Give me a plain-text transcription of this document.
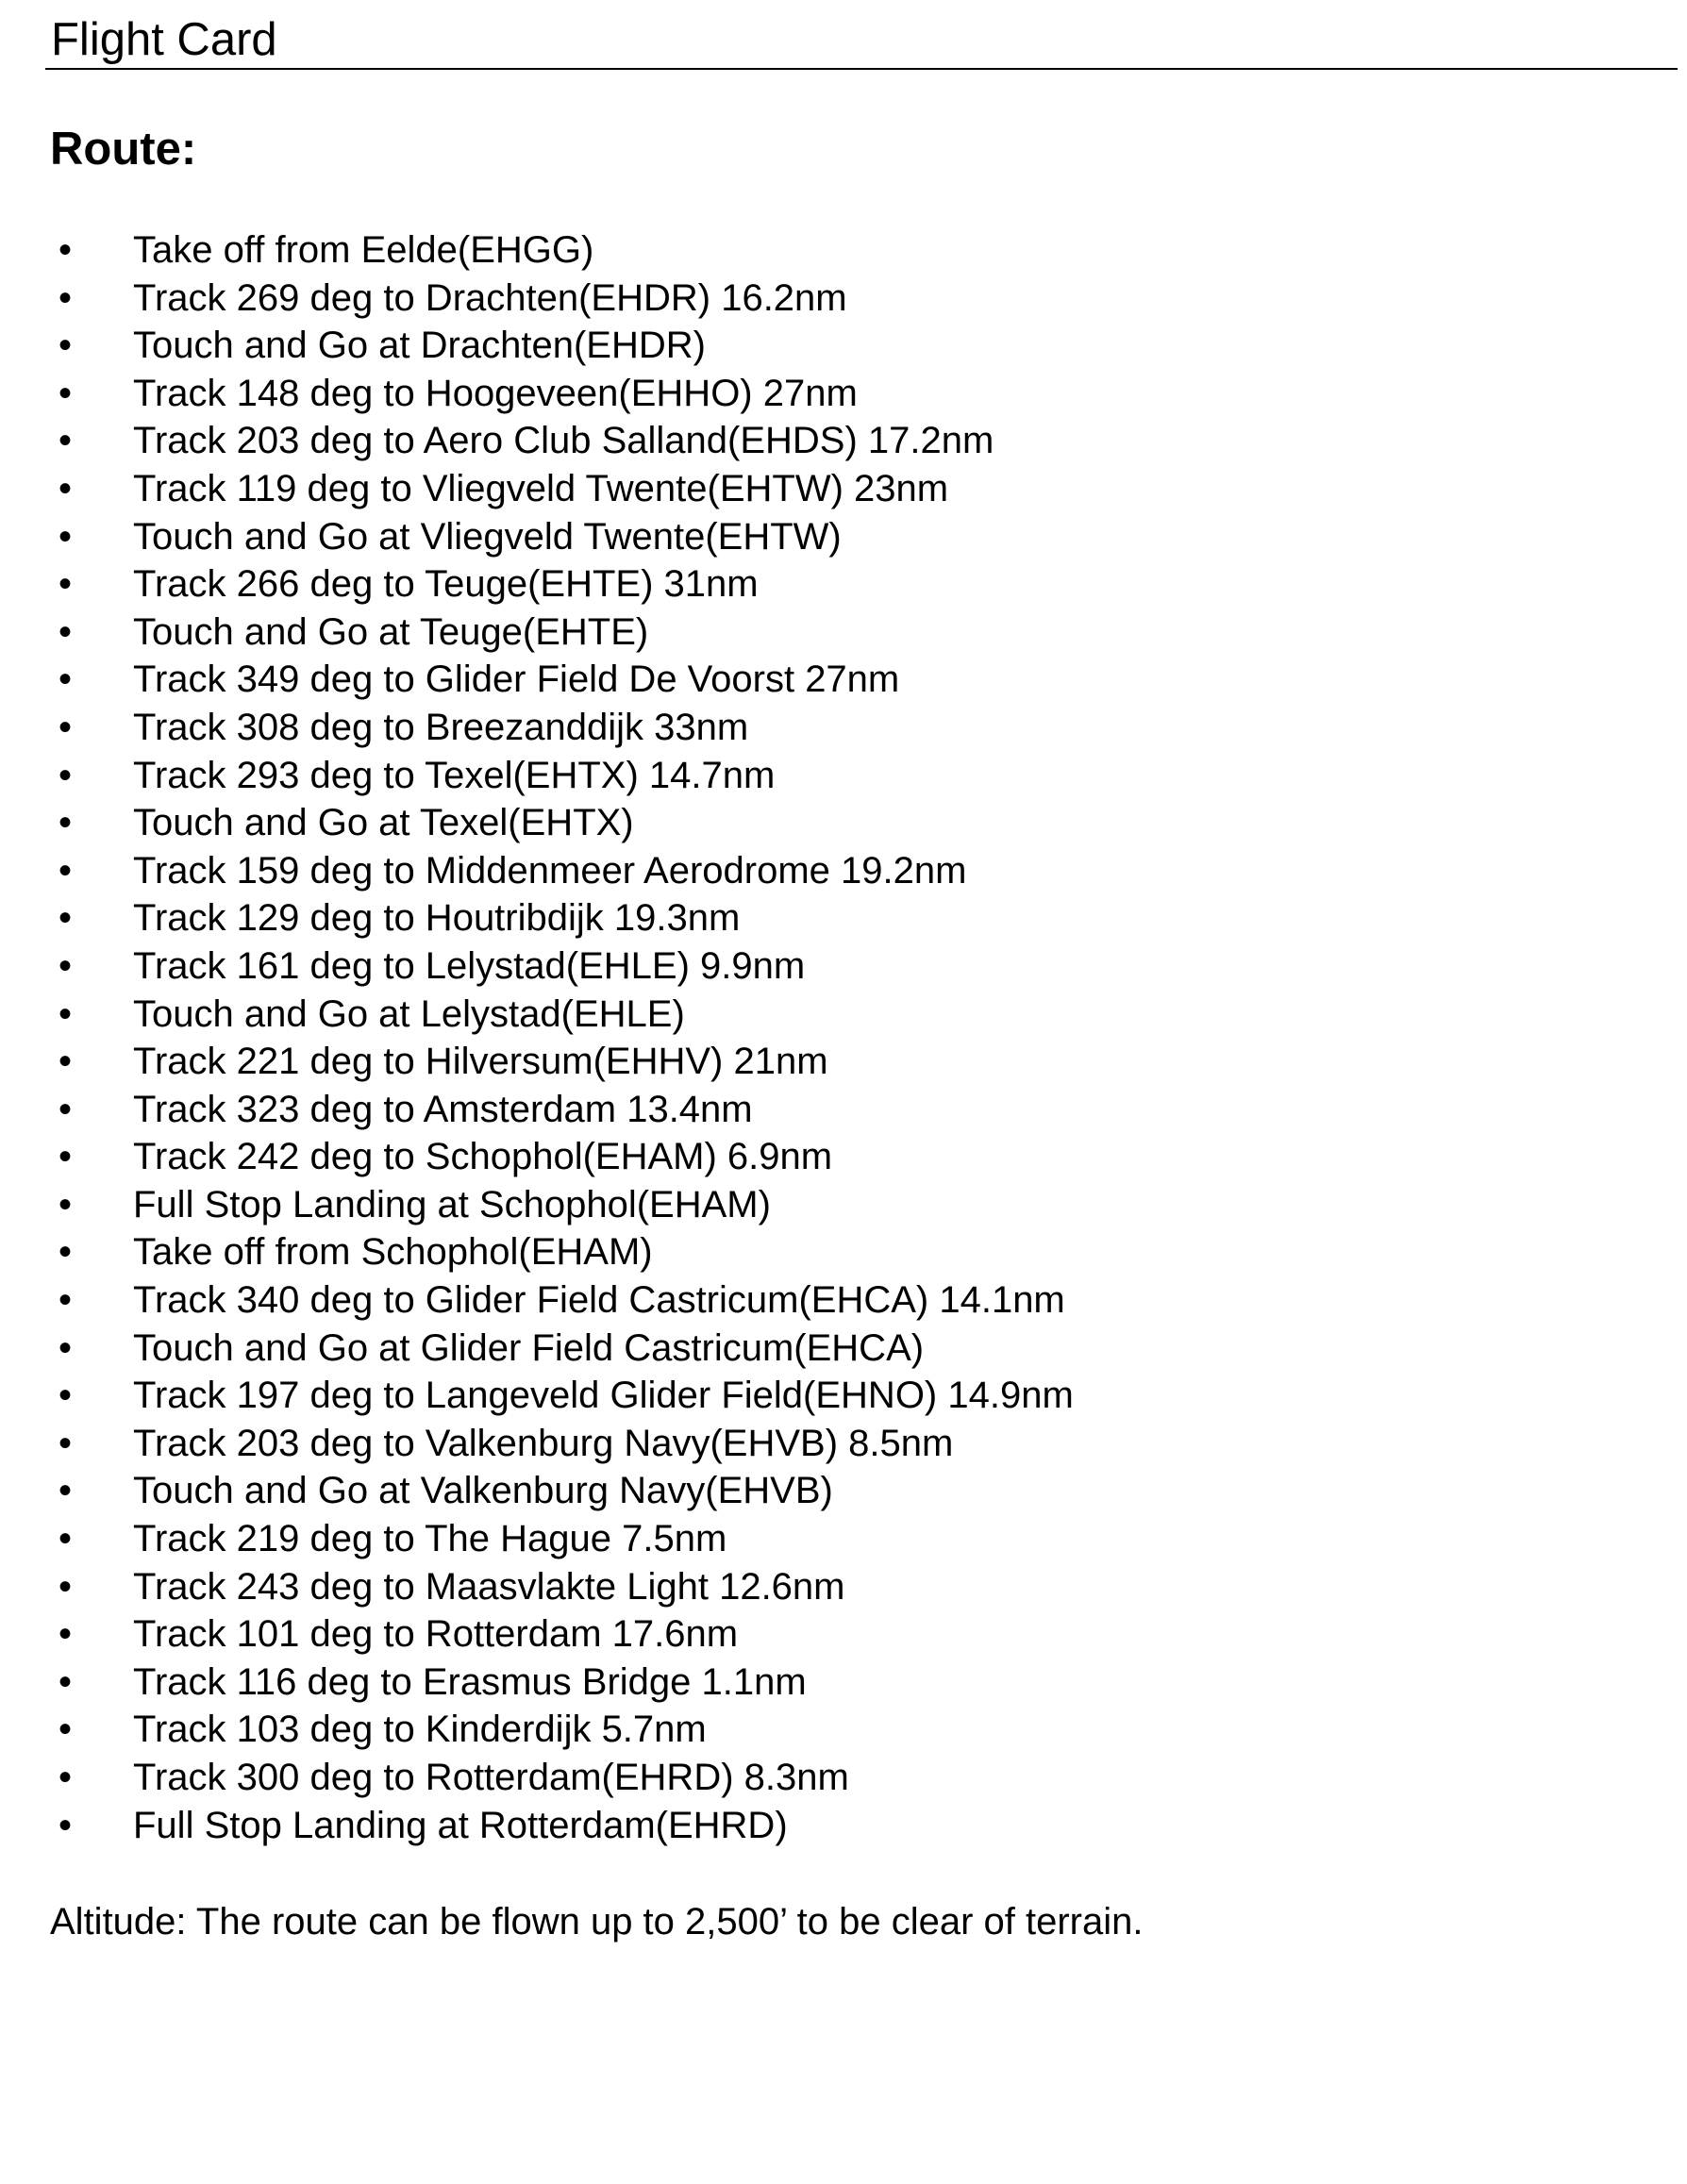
Flight Card
Route:
• Take off from Eelde(EHGG)
• Track 269 deg to Drachten(EHDR) 16.2nm
• Touch and Go at Drachten(EHDR)
• Track 148 deg to Hoogeveen(EHHO) 27nm
• Track 203 deg to Aero Club Salland(EHDS) 17.2nm
• Track 119 deg to Vliegveld Twente(EHTW) 23nm
• Touch and Go at Vliegveld Twente(EHTW)
• Track 266 deg to Teuge(EHTE) 31nm
• Touch and Go at Teuge(EHTE)
• Track 349 deg to Glider Field De Voorst 27nm
• Track 308 deg to Breezanddijk 33nm
• Track 293 deg to Texel(EHTX) 14.7nm
• Touch and Go at Texel(EHTX)
• Track 159 deg to Middenmeer Aerodrome 19.2nm
• Track 129 deg to Houtribdijk 19.3nm
• Track 161 deg to Lelystad(EHLE) 9.9nm
• Touch and Go at Lelystad(EHLE)
• Track 221 deg to Hilversum(EHHV) 21nm
• Track 323 deg to Amsterdam 13.4nm
• Track 242 deg to Schophol(EHAM) 6.9nm
• Full Stop Landing at Schophol(EHAM)
• Take off from Schophol(EHAM)
• Track 340 deg to Glider Field Castricum(EHCA) 14.1nm
• Touch and Go at Glider Field Castricum(EHCA)
• Track 197 deg to Langeveld Glider Field(EHNO) 14.9nm
• Track 203 deg to Valkenburg Navy(EHVB) 8.5nm
• Touch and Go at Valkenburg Navy(EHVB)
• Track 219 deg to The Hague 7.5nm
• Track 243 deg to Maasvlakte Light 12.6nm
• Track 101 deg to Rotterdam 17.6nm
• Track 116 deg to Erasmus Bridge 1.1nm
• Track 103 deg to Kinderdijk 5.7nm
• Track 300 deg to Rotterdam(EHRD) 8.3nm
• Full Stop Landing at Rotterdam(EHRD)
Altitude: The route can be flown up to 2,500’ to be clear of terrain.
